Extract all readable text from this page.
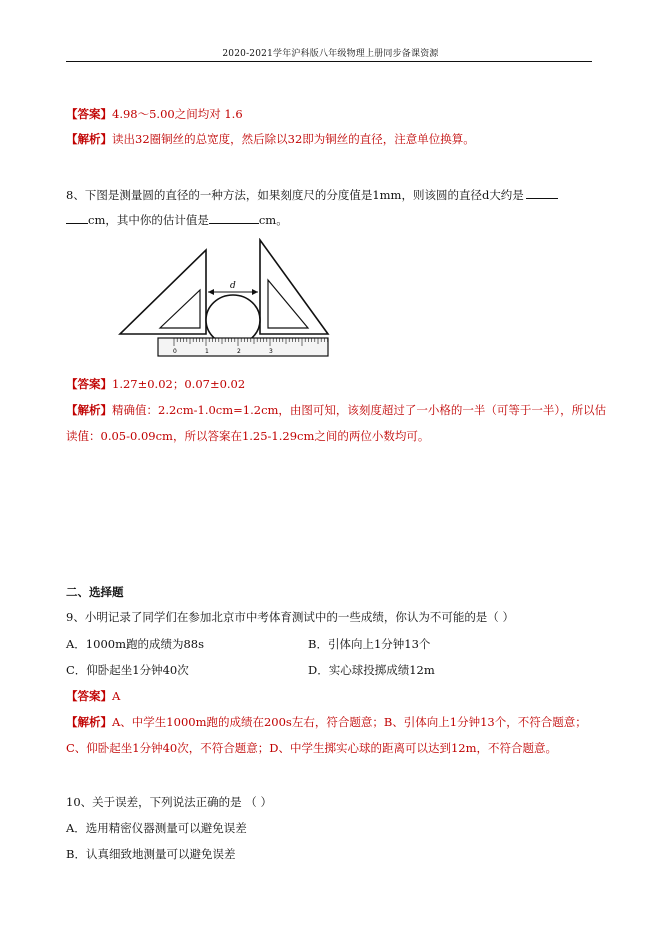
2020-2021学年沪科版八年级物理上册同步备课资源
【答案】4.98～5.00之间均对 1.6
【解析】读出32圈铜丝的总宽度，然后除以32即为铜丝的直径，注意单位换算。
8、下图是测量圆的直径的一种方法，如果刻度尺的分度值是1mm，则该圆的直径d大约是
cm，其中你的估计值是	cm。
d
0	1	2	3
【答案】1.27±0.02；0.07±0.02
【解析】精确值：2.2cm-1.0cm=1.2cm，由图可知，该刻度超过了一小格的一半（可等于一半），所以估
读值：0.05-0.09cm，所以答案在1.25-1.29cm之间的两位小数均可。
二、选择题
9、小明记录了同学们在参加北京市中考体育测试中的一些成绩，你认为不可能的是（ ）
A．1000m跑的成绩为88s	B．引体向上1分钟13个
C．仰卧起坐1分钟40次	D．实心球投掷成绩12m
【答案】A
【解析】A、中学生1000m跑的成绩在200s左右，符合题意；B、引体向上1分钟13个，不符合题意；
C、仰卧起坐1分钟40次，不符合题意；D、中学生掷实心球的距离可以达到12m，不符合题意。
10、关于误差，下列说法正确的是 （ ）
A．选用精密仪器测量可以避免误差
B．认真细致地测量可以避免误差
